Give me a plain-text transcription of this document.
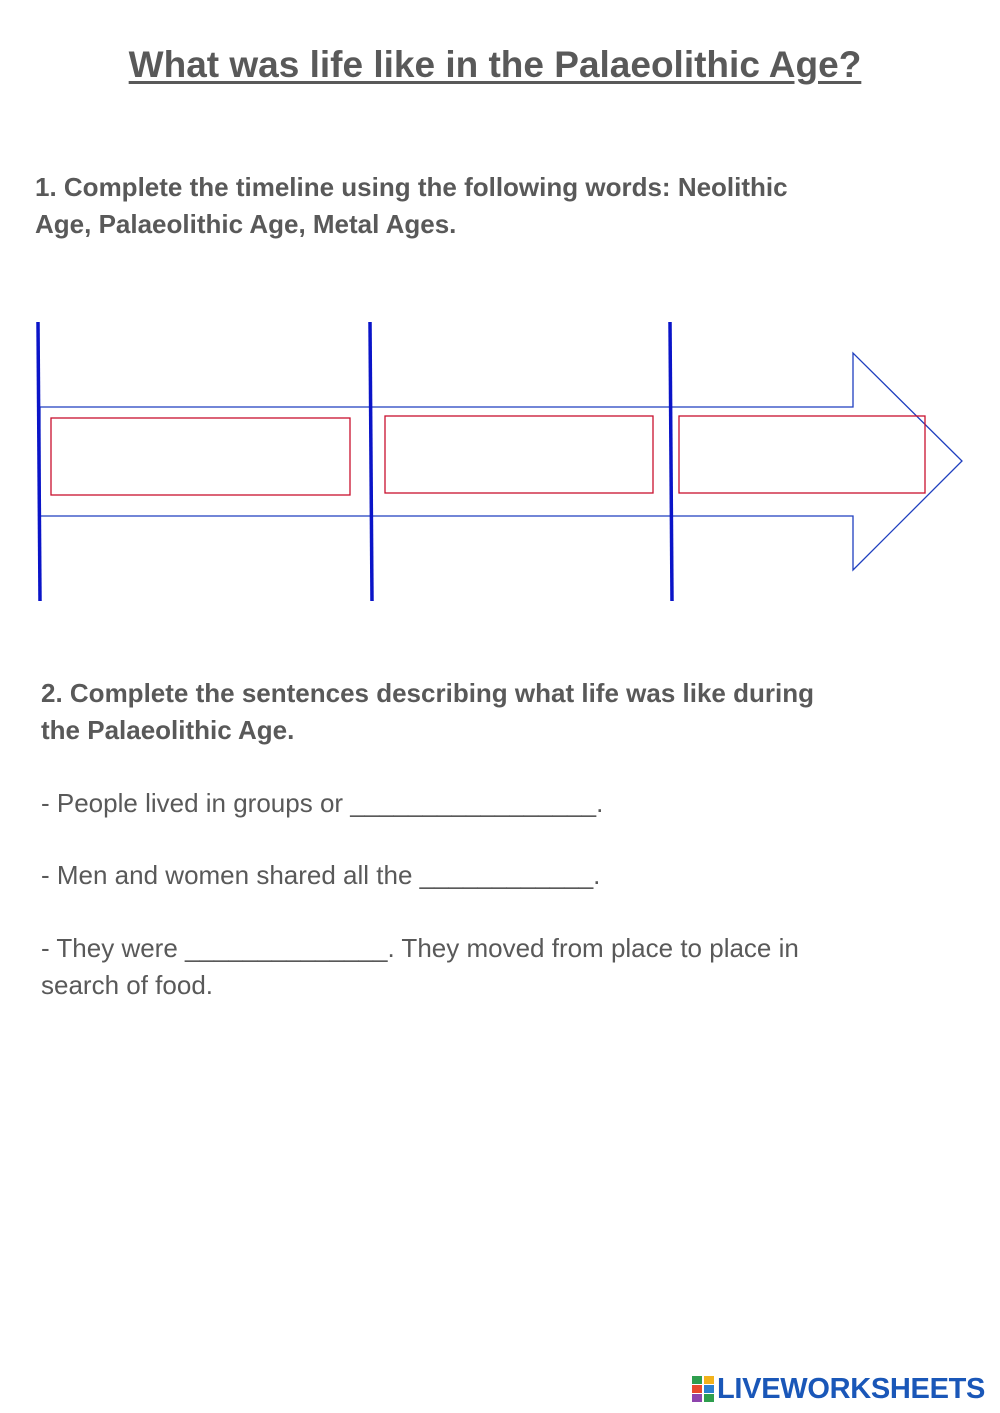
What was life like in the Palaeolithic Age?
1. Complete the timeline using the following words: Neolithic
Age, Palaeolithic Age, Metal Ages.
2. Complete the sentences describing what life was like during
the Palaeolithic Age.
- People lived in groups or _________________.
- Men and women shared all the ____________.
- They were ______________. They moved from place to place in
search of food.
LIVEWORKSHEETS
